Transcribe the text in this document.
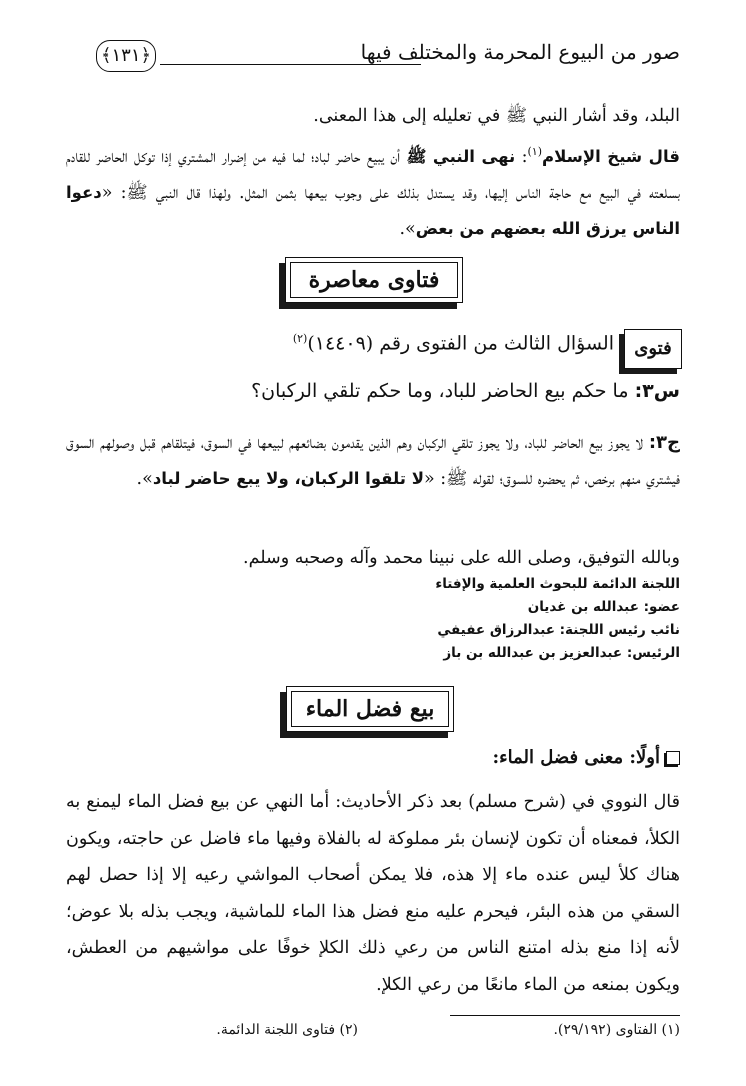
صور من البيوع المحرمة والمختلف فيها
﴿١٣١﴾

البلد، وقد أشار النبي ﷺ في تعليله إلى هذا المعنى.

قال شيخ الإسلام$^{(١)}$: نهى النبي ﷺ أن يبيع حاضر لباد؛ لما فيه من إضرار المشتري إذا توكل الحاضر للقادم بسلعته في البيع مع حاجة الناس إليها، وقد يستدل بذلك على وجوب بيعها بثمن المثل. ولهذا قال النبي ﷺ: «دعوا الناس يرزق الله بعضهم من بعض».

فتاوى معاصرة
فتوى
السؤال الثالث من الفتوى رقم (١٤٤٠٩)$^{(٢)}$
س٣: ما حكم بيع الحاضر للباد، وما حكم تلقي الركبان؟

ج٣: لا يجوز بيع الحاضر للباد، ولا يجوز تلقي الركبان وهم الذين يقدمون بضائعهم لبيعها في السوق، فيتلقاهم قبل وصولهم السوق فيشتري منهم برخص، ثم يحضره للسوق؛ لقوله ﷺ: «لا تلقوا الركبان، ولا يبع حاضر لباد».

وبالله التوفيق، وصلى الله على نبينا محمد وآله وصحبه وسلم.

اللجنة الدائمة للبحوث العلمية والإفتاء
عضو: عبدالله بن غديان
نائب رئيس اللجنة: عبدالرزاق عفيفي
الرئيس: عبدالعزيز بن عبدالله بن باز
بيع فضل الماء
أولًا: معنى فضل الماء:

قال النووي في (شرح مسلم) بعد ذكر الأحاديث: أما النهي عن بيع فضل الماء ليمنع به الكلأ، فمعناه أن تكون لإنسان بئر مملوكة له بالفلاة وفيها ماء فاضل عن حاجته، ويكون هناك كلأ ليس عنده ماء إلا هذه، فلا يمكن أصحاب المواشي رعيه إلا إذا حصل لهم السقي من هذه البئر، فيحرم عليه منع فضل هذا الماء للماشية، ويجب بذله بلا عوض؛ لأنه إذا منع بذله امتنع الناس من رعي ذلك الكلإ خوفًا على مواشيهم من العطش، ويكون بمنعه من الماء مانعًا من رعي الكلإ.

(١) الفتاوى (٢٩/١٩٢).
(٢) فتاوى اللجنة الدائمة.
